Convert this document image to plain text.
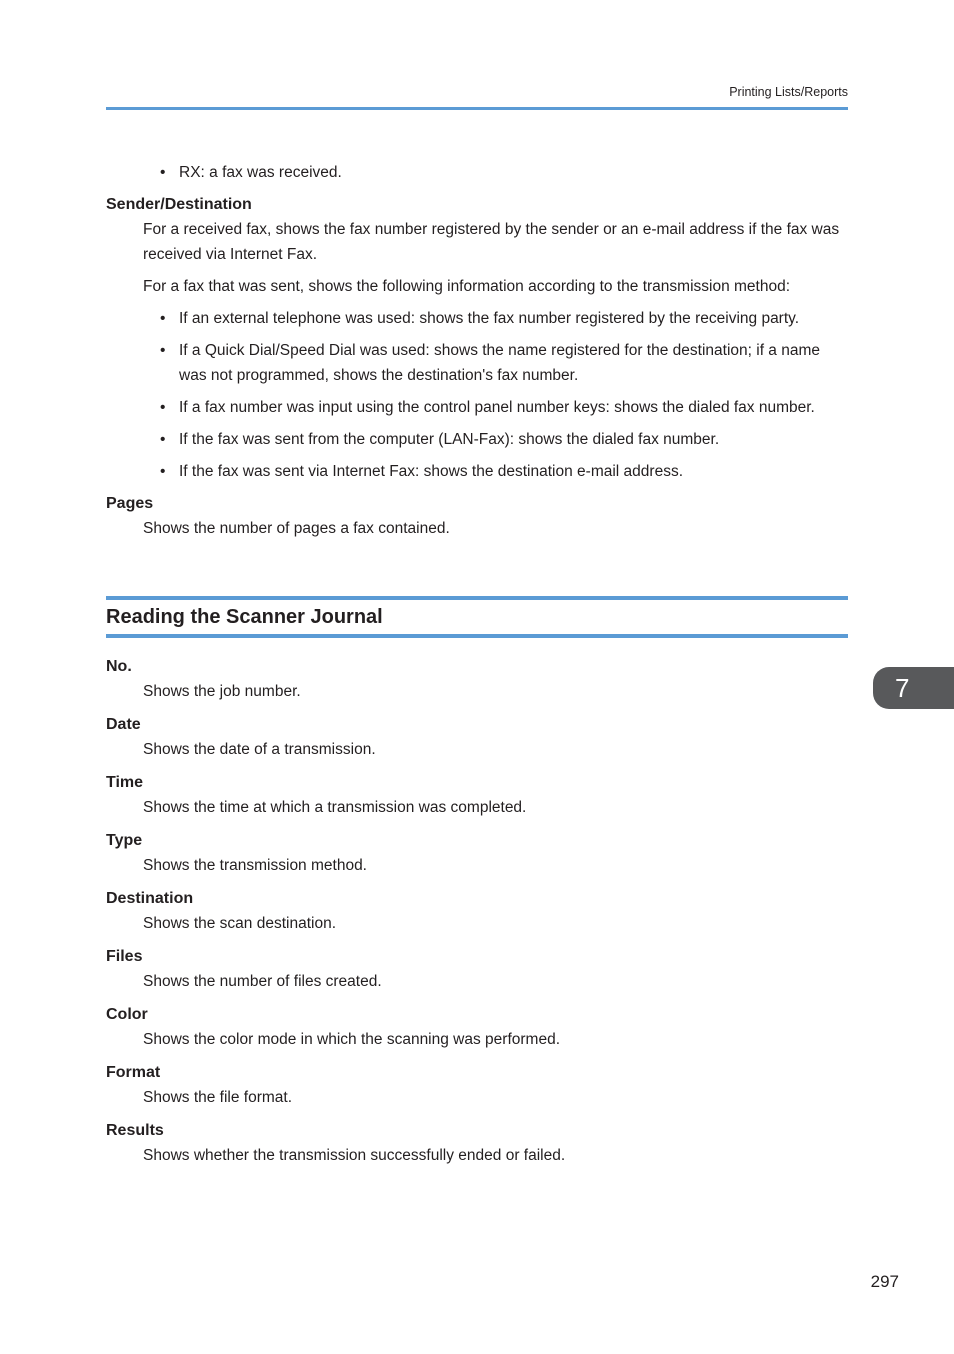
Printing Lists/Reports
• RX: a fax was received.

Sender/Destination

For a received fax, shows the fax number registered by the sender or an e-mail address if the fax was received via Internet Fax.

For a fax that was sent, shows the following information according to the transmission method:

• If an external telephone was used: shows the fax number registered by the receiving party.
• If a Quick Dial/Speed Dial was used: shows the name registered for the destination; if a name was not programmed, shows the destination's fax number.
• If a fax number was input using the control panel number keys: shows the dialed fax number.
• If the fax was sent from the computer (LAN-Fax): shows the dialed fax number.
• If the fax was sent via Internet Fax: shows the destination e-mail address.

Pages

Shows the number of pages a fax contained.

Reading the Scanner Journal

No.

Shows the job number.

Date

Shows the date of a transmission.

Time

Shows the time at which a transmission was completed.

Type

Shows the transmission method.

Destination

Shows the scan destination.

Files

Shows the number of files created.

Color

Shows the color mode in which the scanning was performed.

Format

Shows the file format.

Results

Shows whether the transmission successfully ended or failed.

7
297
